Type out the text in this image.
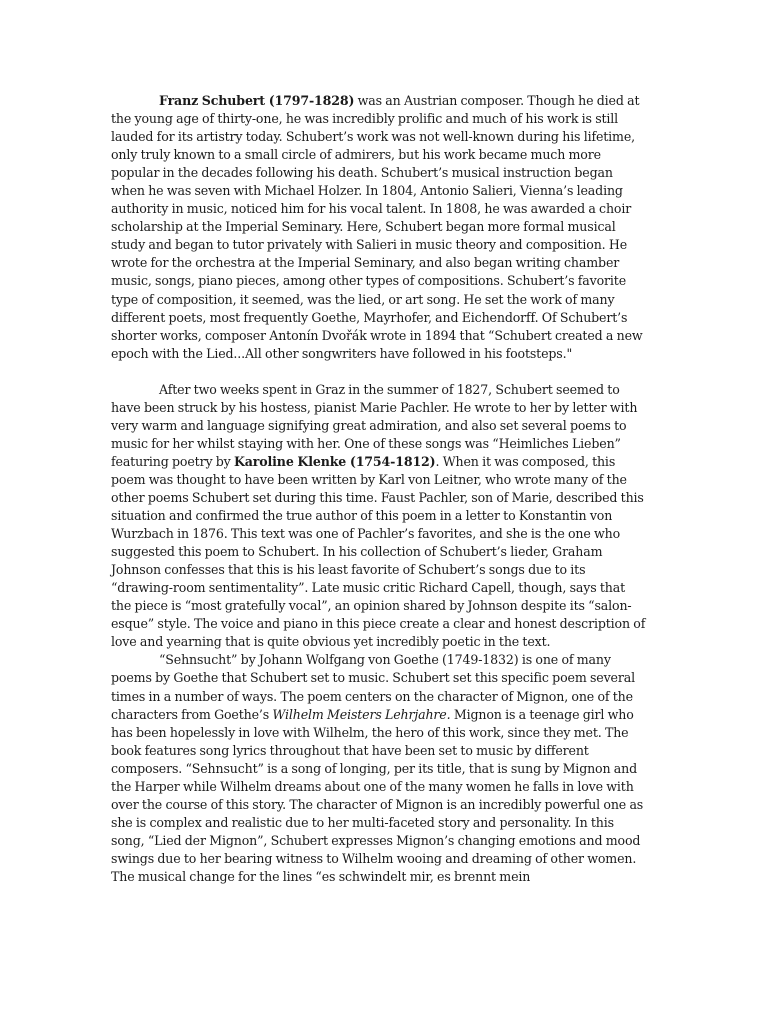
Franz Schubert (1797-1828) was an Austrian composer. Though he died at the young age of thirty-one, he was incredibly prolific and much of his work is still lauded for its artistry today. Schubert’s work was not well-known during his lifetime, only truly known to a small circle of admirers, but his work became much more popular in the decades following his death. Schubert’s musical instruction began when he was seven with Michael Holzer. In 1804, Antonio Salieri, Vienna’s leading authority in music, noticed him for his vocal talent. In 1808, he was awarded a choir scholarship at the Imperial Seminary. Here, Schubert began more formal musical study and began to tutor privately with Salieri in music theory and composition. He wrote for the orchestra at the Imperial Seminary, and also began writing chamber music, songs, piano pieces, among other types of compositions. Schubert’s favorite type of composition, it seemed, was the lied, or art song. He set the work of many different poets, most frequently Goethe, Mayrhofer, and Eichendorff. Of Schubert’s shorter works, composer Antonín Dvořák wrote in 1894 that “Schubert created a new epoch with the Lied...All other songwriters have followed in his footsteps."

After two weeks spent in Graz in the summer of 1827, Schubert seemed to have been struck by his hostess, pianist Marie Pachler. He wrote to her by letter with very warm and language signifying great admiration, and also set several poems to music for her whilst staying with her. One of these songs was “Heimliches Lieben” featuring poetry by Karoline Klenke (1754-1812). When it was composed, this poem was thought to have been written by Karl von Leitner, who wrote many of the other poems Schubert set during this time. Faust Pachler, son of Marie, described this situation and confirmed the true author of this poem in a letter to Konstantin von Wurzbach in 1876. This text was one of Pachler’s favorites, and she is the one who suggested this poem to Schubert. In his collection of Schubert’s lieder, Graham Johnson confesses that this is his least favorite of Schubert’s songs due to its “drawing-room sentimentality”. Late music critic Richard Capell, though, says that the piece is “most gratefully vocal”, an opinion shared by Johnson despite its “salon-esque” style. The voice and piano in this piece create a clear and honest description of love and yearning that is quite obvious yet incredibly poetic in the text.

“Sehnsucht” by Johann Wolfgang von Goethe (1749-1832) is one of many poems by Goethe that Schubert set to music. Schubert set this specific poem several times in a number of ways. The poem centers on the character of Mignon, one of the characters from Goethe’s Wilhelm Meisters Lehrjahre. Mignon is a teenage girl who has been hopelessly in love with Wilhelm, the hero of this work, since they met. The book features song lyrics throughout that have been set to music by different composers. “Sehnsucht” is a song of longing, per its title, that is sung by Mignon and the Harper while Wilhelm dreams about one of the many women he falls in love with over the course of this story. The character of Mignon is an incredibly powerful one as she is complex and realistic due to her multi-faceted story and personality. In this song, “Lied der Mignon”, Schubert expresses Mignon’s changing emotions and mood swings due to her bearing witness to Wilhelm wooing and dreaming of other women. The musical change for the lines “es schwindelt mir, es brennt mein
